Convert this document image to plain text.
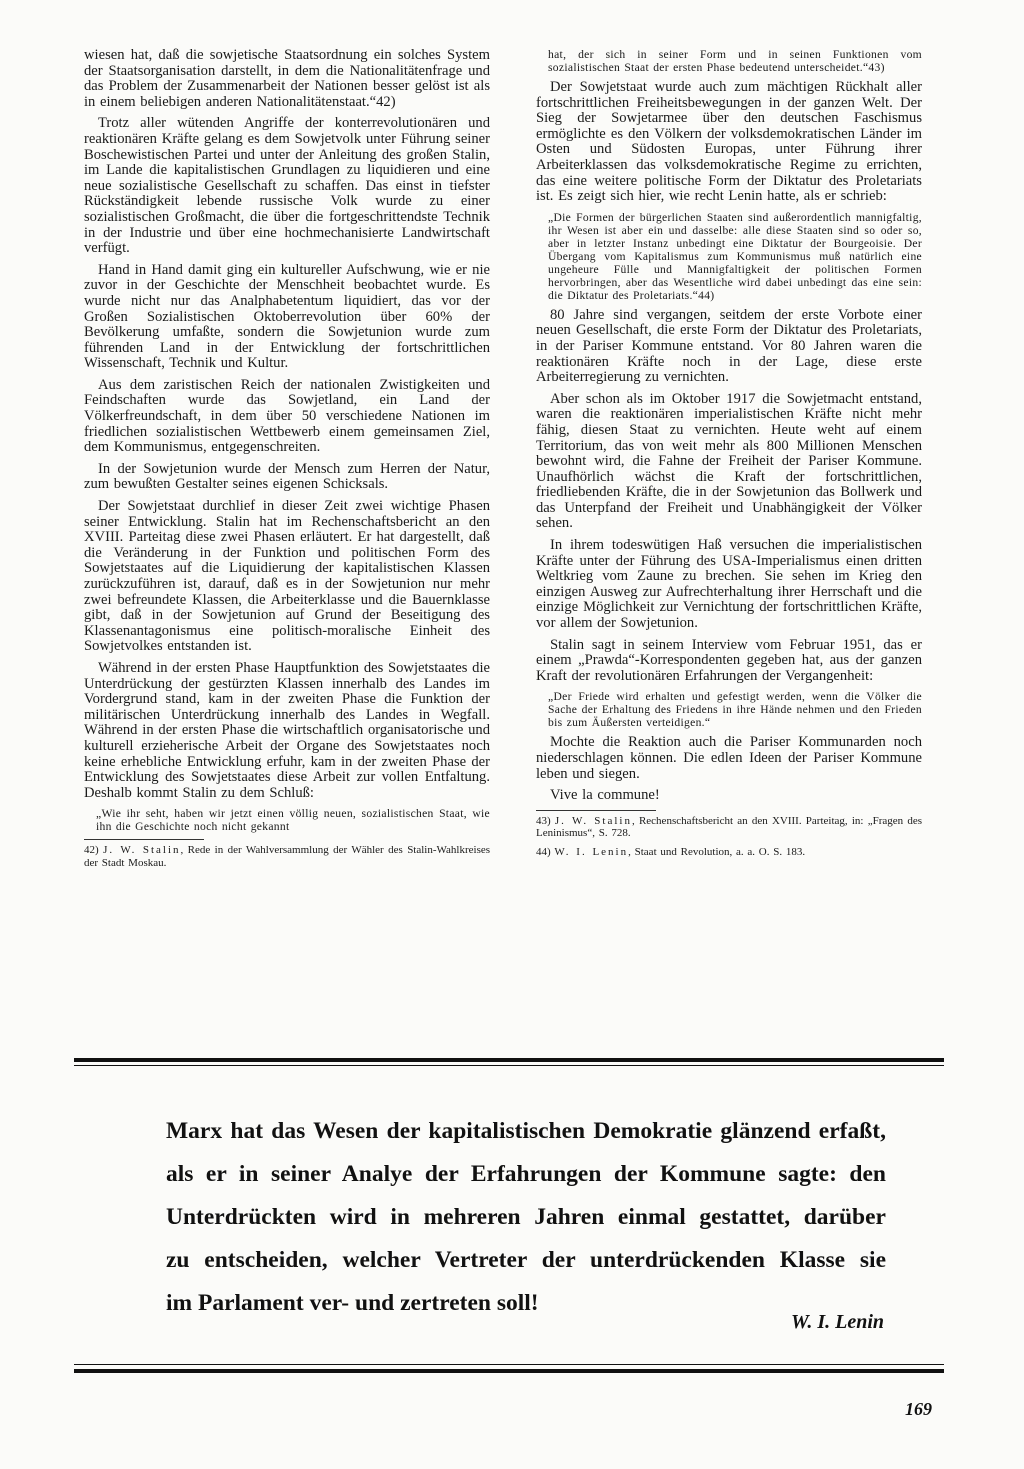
wiesen hat, daß die sowjetische Staatsordnung ein solches System der Staatsorganisation darstellt, in dem die Nationalitätenfrage und das Problem der Zusammenarbeit der Nationen besser gelöst ist als in einem beliebigen anderen Nationalitätenstaat.“42)

Trotz aller wütenden Angriffe der konterrevolutionären und reaktionären Kräfte gelang es dem Sowjetvolk unter Führung seiner Boschewistischen Partei und unter der Anleitung des großen Stalin, im Lande die kapitalistischen Grundlagen zu liquidieren und eine neue sozialistische Gesellschaft zu schaffen. Das einst in tiefster Rückständigkeit lebende russische Volk wurde zu einer sozialistischen Großmacht, die über die fortgeschrittendste Technik in der Industrie und über eine hochmechanisierte Landwirtschaft verfügt.

Hand in Hand damit ging ein kultureller Aufschwung, wie er nie zuvor in der Geschichte der Menschheit beobachtet wurde. Es wurde nicht nur das Analphabetentum liquidiert, das vor der Großen Sozialistischen Oktoberrevolution über 60% der Bevölkerung umfaßte, sondern die Sowjetunion wurde zum führenden Land in der Entwicklung der fortschrittlichen Wissenschaft, Technik und Kultur.

Aus dem zaristischen Reich der nationalen Zwistigkeiten und Feindschaften wurde das Sowjetland, ein Land der Völkerfreundschaft, in dem über 50 verschiedene Nationen im friedlichen sozialistischen Wettbewerb einem gemeinsamen Ziel, dem Kommunismus, entgegenschreiten.

In der Sowjetunion wurde der Mensch zum Herren der Natur, zum bewußten Gestalter seines eigenen Schicksals.

Der Sowjetstaat durchlief in dieser Zeit zwei wichtige Phasen seiner Entwicklung. Stalin hat im Rechenschaftsbericht an den XVIII. Parteitag diese zwei Phasen erläutert. Er hat dargestellt, daß die Veränderung in der Funktion und politischen Form des Sowjetstaates auf die Liquidierung der kapitalistischen Klassen zurückzuführen ist, darauf, daß es in der Sowjetunion nur mehr zwei befreundete Klassen, die Arbeiterklasse und die Bauernklasse gibt, daß in der Sowjetunion auf Grund der Beseitigung des Klassenantagonismus eine politisch-moralische Einheit des Sowjetvolkes entstanden ist.

Während in der ersten Phase Hauptfunktion des Sowjetstaates die Unterdrückung der gestürzten Klassen innerhalb des Landes im Vordergrund stand, kam in der zweiten Phase die Funktion der militärischen Unterdrückung innerhalb des Landes in Wegfall. Während in der ersten Phase die wirtschaftlich organisatorische und kulturell erzieherische Arbeit der Organe des Sowjetstaates noch keine erhebliche Entwicklung erfuhr, kam in der zweiten Phase der Entwicklung des Sowjetstaates diese Arbeit zur vollen Entfaltung. Deshalb kommt Stalin zu dem Schluß:

„Wie ihr seht, haben wir jetzt einen völlig neuen, sozialistischen Staat, wie ihn die Geschichte noch nicht gekannt

42) J. W. Stalin, Rede in der Wahlversammlung der Wähler des Stalin-Wahlkreises der Stadt Moskau.

hat, der sich in seiner Form und in seinen Funktionen vom sozialistischen Staat der ersten Phase bedeutend unterscheidet.“43)

Der Sowjetstaat wurde auch zum mächtigen Rückhalt aller fortschrittlichen Freiheitsbewegungen in der ganzen Welt. Der Sieg der Sowjetarmee über den deutschen Faschismus ermöglichte es den Völkern der volksdemokratischen Länder im Osten und Südosten Europas, unter Führung ihrer Arbeiterklassen das volksdemokratische Regime zu errichten, das eine weitere politische Form der Diktatur des Proletariats ist. Es zeigt sich hier, wie recht Lenin hatte, als er schrieb:

„Die Formen der bürgerlichen Staaten sind außerordentlich mannigfaltig, ihr Wesen ist aber ein und dasselbe: alle diese Staaten sind so oder so, aber in letzter Instanz unbedingt eine Diktatur der Bourgeoisie. Der Übergang vom Kapitalismus zum Kommunismus muß natürlich eine ungeheure Fülle und Mannigfaltigkeit der politischen Formen hervorbringen, aber das Wesentliche wird dabei unbedingt das eine sein: die Diktatur des Proletariats.“44)

80 Jahre sind vergangen, seitdem der erste Vorbote einer neuen Gesellschaft, die erste Form der Diktatur des Proletariats, in der Pariser Kommune entstand. Vor 80 Jahren waren die reaktionären Kräfte noch in der Lage, diese erste Arbeiterregierung zu vernichten.

Aber schon als im Oktober 1917 die Sowjetmacht entstand, waren die reaktionären imperialistischen Kräfte nicht mehr fähig, diesen Staat zu vernichten. Heute weht auf einem Territorium, das von weit mehr als 800 Millionen Menschen bewohnt wird, die Fahne der Freiheit der Pariser Kommune. Unaufhörlich wächst die Kraft der fortschrittlichen, friedliebenden Kräfte, die in der Sowjetunion das Bollwerk und das Unterpfand der Freiheit und Unabhängigkeit der Völker sehen.

In ihrem todeswütigen Haß versuchen die imperialistischen Kräfte unter der Führung des USA-Imperialismus einen dritten Weltkrieg vom Zaune zu brechen. Sie sehen im Krieg den einzigen Ausweg zur Aufrechterhaltung ihrer Herrschaft und die einzige Möglichkeit zur Vernichtung der fortschrittlichen Kräfte, vor allem der Sowjetunion.

Stalin sagt in seinem Interview vom Februar 1951, das er einem „Prawda“-Korrespondenten gegeben hat, aus der ganzen Kraft der revolutionären Erfahrungen der Vergangenheit:

„Der Friede wird erhalten und gefestigt werden, wenn die Völker die Sache der Erhaltung des Friedens in ihre Hände nehmen und den Frieden bis zum Äußersten verteidigen.“

Mochte die Reaktion auch die Pariser Kommunarden noch niederschlagen können. Die edlen Ideen der Pariser Kommune leben und siegen.

Vive la commune!

43) J. W. Stalin, Rechenschaftsbericht an den XVIII. Parteitag, in: „Fragen des Leninismus“, S. 728.

44) W. I. Lenin, Staat und Revolution, a. a. O. S. 183.

Marx hat das Wesen der kapitalistischen Demokratie glänzend erfaßt,
als er in seiner Analye der Erfahrungen der Kommune sagte: den
Unterdrückten wird in mehreren Jahren einmal gestattet, darüber
zu entscheiden, welcher Vertreter der unterdrückenden Klasse sie
im Parlament ver- und zertreten soll!
W. I. Lenin
169
